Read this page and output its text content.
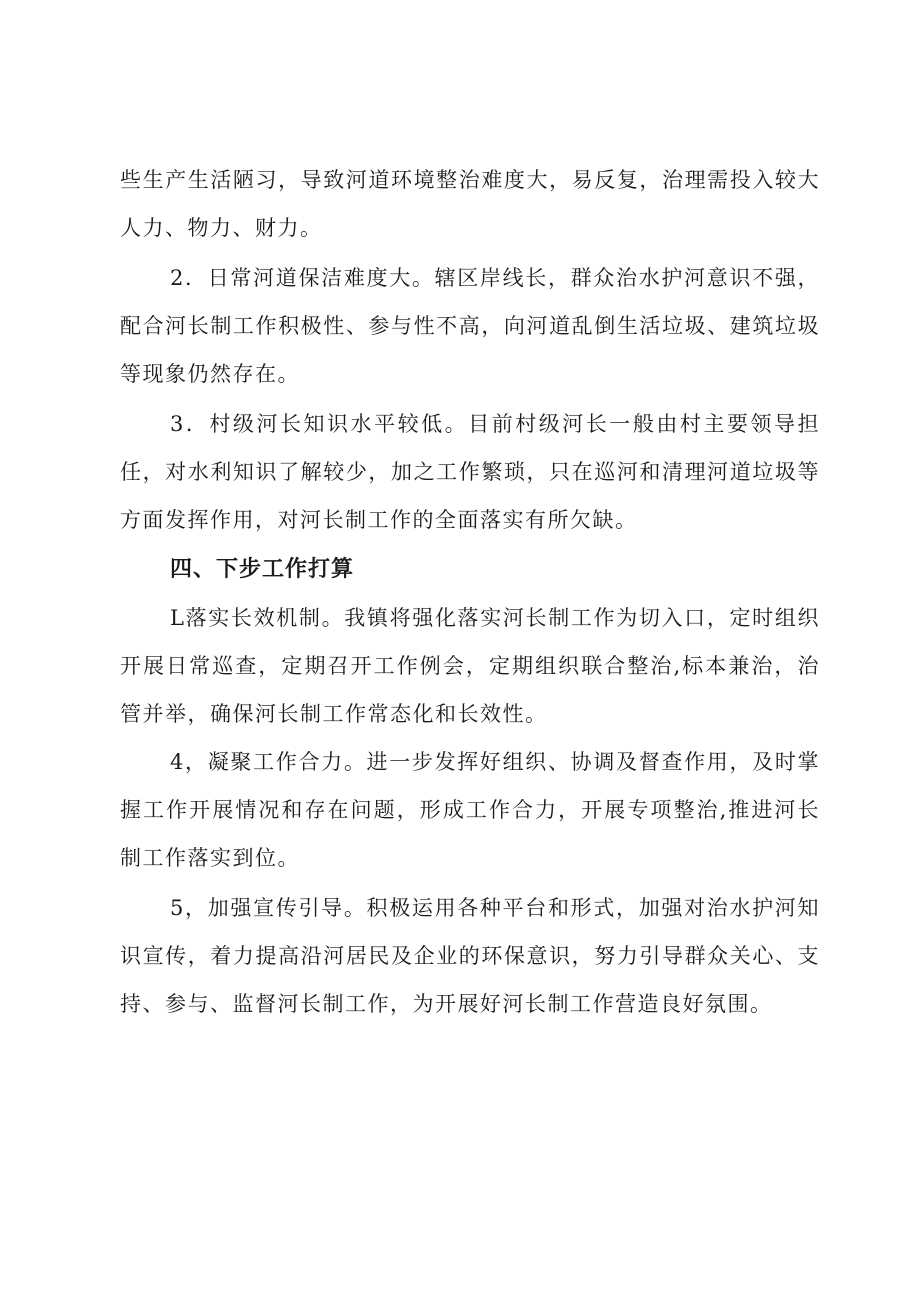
些生产生活陋习，导致河道环境整治难度大，易反复，治理需投入较大人力、物力、财力。

2．日常河道保洁难度大。辖区岸线长，群众治水护河意识不强，配合河长制工作积极性、参与性不高，向河道乱倒生活垃圾、建筑垃圾等现象仍然存在。

3．村级河长知识水平较低。目前村级河长一般由村主要领导担任，对水利知识了解较少，加之工作繁琐，只在巡河和清理河道垃圾等方面发挥作用，对河长制工作的全面落实有所欠缺。

四、下步工作打算

L落实长效机制。我镇将强化落实河长制工作为切入口，定时组织开展日常巡查，定期召开工作例会，定期组织联合整治,标本兼治，治管并举，确保河长制工作常态化和长效性。

4，凝聚工作合力。进一步发挥好组织、协调及督查作用，及时掌握工作开展情况和存在问题，形成工作合力，开展专项整治,推进河长制工作落实到位。

5，加强宣传引导。积极运用各种平台和形式，加强对治水护河知识宣传，着力提高沿河居民及企业的环保意识，努力引导群众关心、支持、参与、监督河长制工作，为开展好河长制工作营造良好氛围。
